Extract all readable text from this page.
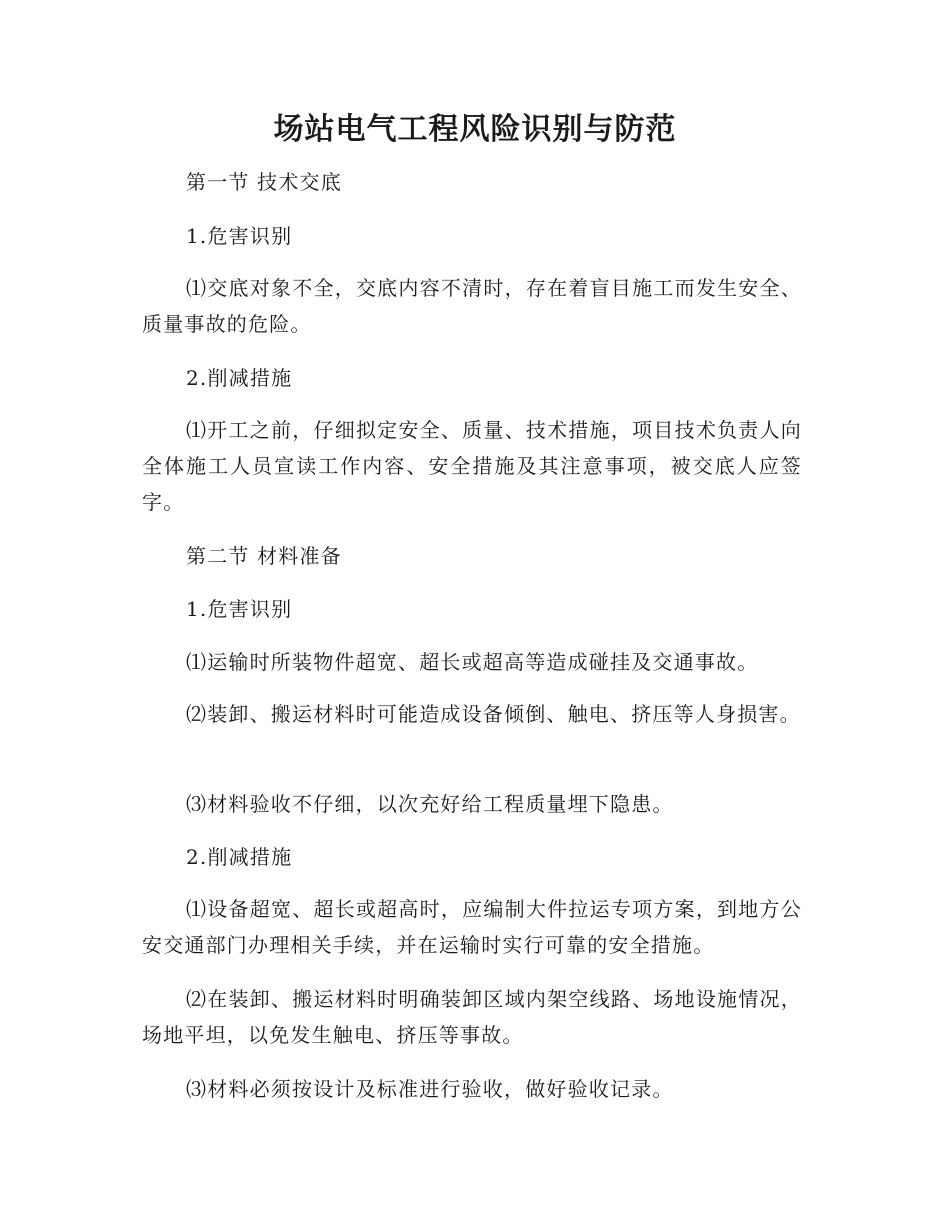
场站电气工程风险识别与防范

第一节 技术交底

1.危害识别

⑴交底对象不全，交底内容不清时，存在着盲目施工而发生安全、质量事故的危险。

2.削减措施

⑴开工之前，仔细拟定安全、质量、技术措施，项目技术负责人向全体施工人员宣读工作内容、安全措施及其注意事项，被交底人应签字。

第二节 材料准备

1.危害识别

⑴运输时所装物件超宽、超长或超高等造成碰挂及交通事故。

⑵装卸、搬运材料时可能造成设备倾倒、触电、挤压等人身损害。

⑶材料验收不仔细，以次充好给工程质量埋下隐患。

2.削减措施

⑴设备超宽、超长或超高时，应编制大件拉运专项方案，到地方公安交通部门办理相关手续，并在运输时实行可靠的安全措施。

⑵在装卸、搬运材料时明确装卸区域内架空线路、场地设施情况，场地平坦，以免发生触电、挤压等事故。

⑶材料必须按设计及标准进行验收，做好验收记录。
